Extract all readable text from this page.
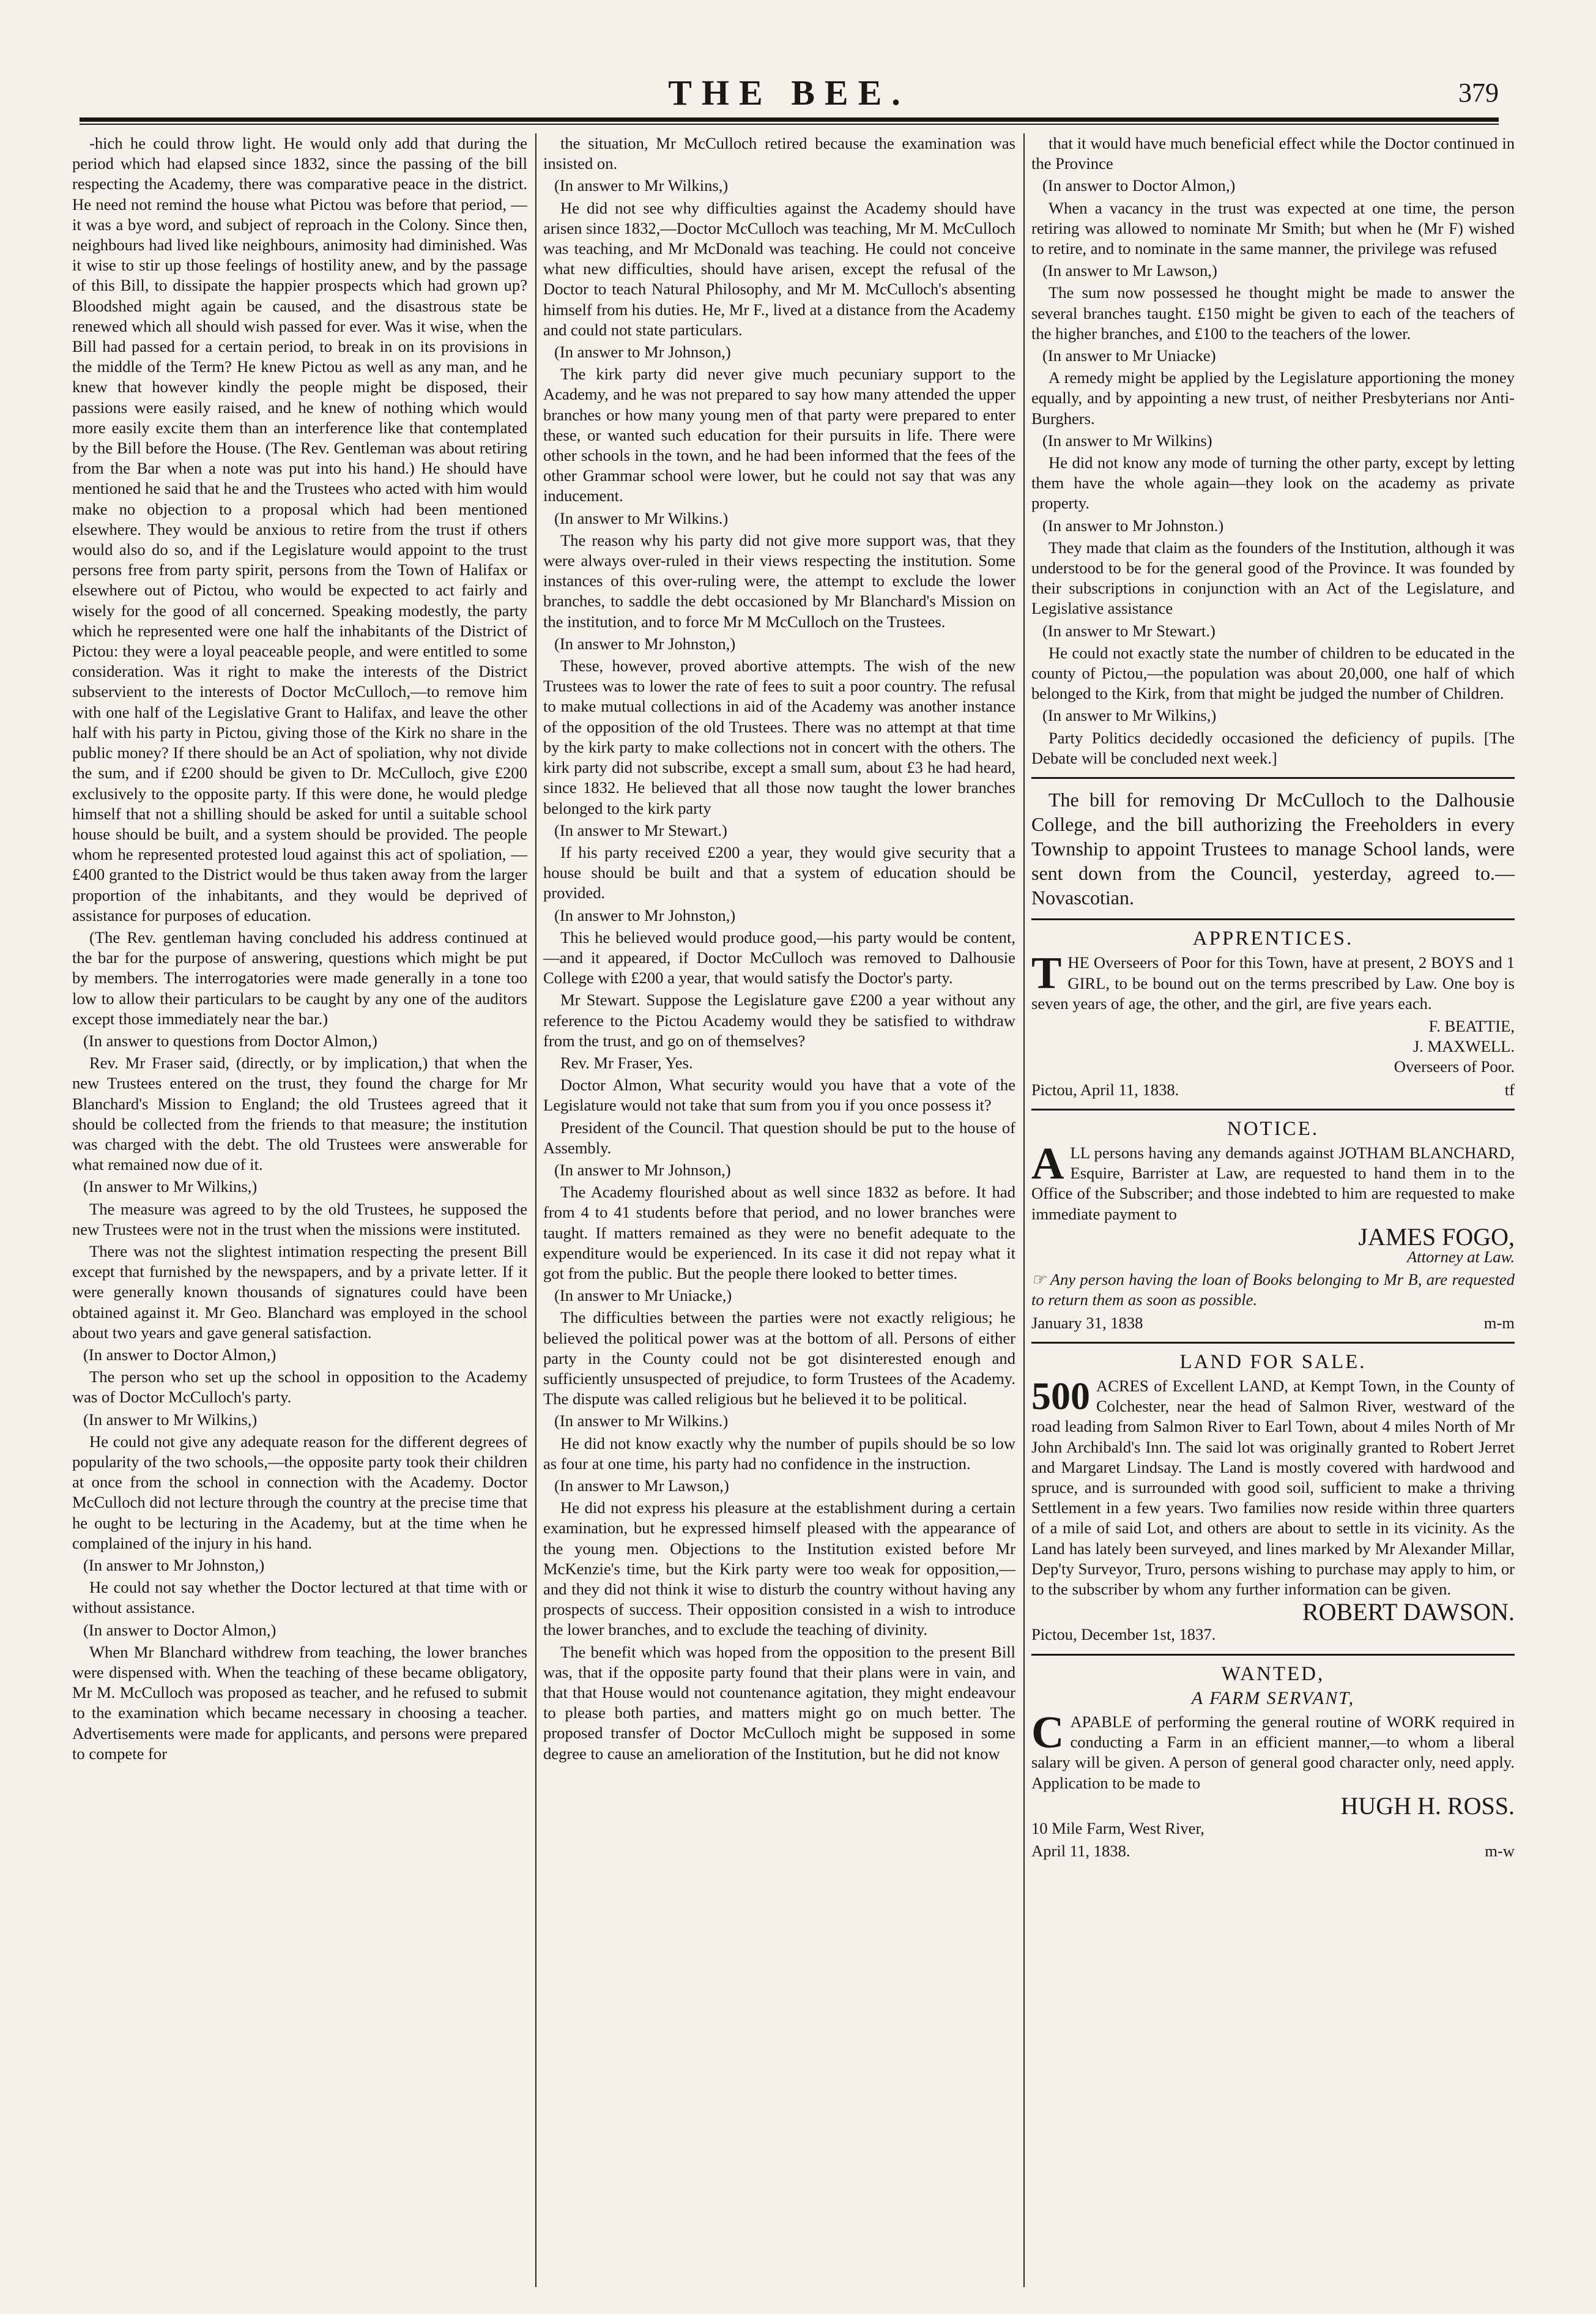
THE BEE.	379

-hich he could throw light. He would only add that during the period which had elapsed since 1832, since the passing of the bill respecting the Academy, there was comparative peace in the district. He need not remind the house what Pictou was before that period, —it was a bye word, and subject of reproach in the Colony. Since then, neighbours had lived like neighbours, animosity had diminished. Was it wise to stir up those feelings of hostility anew, and by the passage of this Bill, to dissipate the happier prospects which had grown up? Bloodshed might again be caused, and the disastrous state be renewed which all should wish passed for ever. Was it wise, when the Bill had passed for a certain period, to break in on its provisions in the middle of the Term? He knew Pictou as well as any man, and he knew that however kindly the people might be disposed, their passions were easily raised, and he knew of nothing which would more easily excite them than an interference like that contemplated by the Bill before the House. (The Rev. Gentleman was about retiring from the Bar when a note was put into his hand.) He should have mentioned he said that he and the Trustees who acted with him would make no objection to a proposal which had been mentioned elsewhere. They would be anxious to retire from the trust if others would also do so, and if the Legislature would appoint to the trust persons free from party spirit, persons from the Town of Halifax or elsewhere out of Pictou, who would be expected to act fairly and wisely for the good of all concerned. Speaking modestly, the party which he represented were one half the inhabitants of the District of Pictou: they were a loyal peaceable people, and were entitled to some consideration. Was it right to make the interests of the District subservient to the interests of Doctor McCulloch,—to remove him with one half of the Legislative Grant to Halifax, and leave the other half with his party in Pictou, giving those of the Kirk no share in the public money? If there should be an Act of spoliation, why not divide the sum, and if £200 should be given to Dr. McCulloch, give £200 exclusively to the opposite party. If this were done, he would pledge himself that not a shilling should be asked for until a suitable school house should be built, and a system should be provided. The people whom he represented protested loud against this act of spoliation, —£400 granted to the District would be thus taken away from the larger proportion of the inhabitants, and they would be deprived of assistance for purposes of education.

(The Rev. gentleman having concluded his address continued at the bar for the purpose of answering, questions which might be put by members. The interrogatories were made generally in a tone too low to allow their particulars to be caught by any one of the auditors except those immediately near the bar.)

(In answer to questions from Doctor Almon,)

Rev. Mr Fraser said, (directly, or by implication,) that when the new Trustees entered on the trust, they found the charge for Mr Blanchard's Mission to England; the old Trustees agreed that it should be collected from the friends to that measure; the institution was charged with the debt. The old Trustees were answerable for what remained now due of it.

(In answer to Mr Wilkins,)

The measure was agreed to by the old Trustees, he supposed the new Trustees were not in the trust when the missions were instituted.

There was not the slightest intimation respecting the present Bill except that furnished by the newspapers, and by a private letter. If it were generally known thousands of signatures could have been obtained against it. Mr Geo. Blanchard was employed in the school about two years and gave general satisfaction.

(In answer to Doctor Almon,)

The person who set up the school in opposition to the Academy was of Doctor McCulloch's party.

(In answer to Mr Wilkins,)

He could not give any adequate reason for the different degrees of popularity of the two schools,—the opposite party took their children at once from the school in connection with the Academy. Doctor McCulloch did not lecture through the country at the precise time that he ought to be lecturing in the Academy, but at the time when he complained of the injury in his hand.

(In answer to Mr Johnston,)

He could not say whether the Doctor lectured at that time with or without assistance.

(In answer to Doctor Almon,)

When Mr Blanchard withdrew from teaching, the lower branches were dispensed with. When the teaching of these became obligatory, Mr M. McCulloch was proposed as teacher, and he refused to submit to the examination which became necessary in choosing a teacher. Advertisements were made for applicants, and persons were prepared to compete for

the situation, Mr McCulloch retired because the examination was insisted on.

(In answer to Mr Wilkins,)

He did not see why difficulties against the Academy should have arisen since 1832,—Doctor McCulloch was teaching, Mr M. McCulloch was teaching, and Mr McDonald was teaching. He could not conceive what new difficulties, should have arisen, except the refusal of the Doctor to teach Natural Philosophy, and Mr M. McCulloch's absenting himself from his duties. He, Mr F., lived at a distance from the Academy and could not state particulars.

(In answer to Mr Johnson,)

The kirk party did never give much pecuniary support to the Academy, and he was not prepared to say how many attended the upper branches or how many young men of that party were prepared to enter these, or wanted such education for their pursuits in life. There were other schools in the town, and he had been informed that the fees of the other Grammar school were lower, but he could not say that was any inducement.

(In answer to Mr Wilkins.)

The reason why his party did not give more support was, that they were always over-ruled in their views respecting the institution. Some instances of this over-ruling were, the attempt to exclude the lower branches, to saddle the debt occasioned by Mr Blanchard's Mission on the institution, and to force Mr M McCulloch on the Trustees.

(In answer to Mr Johnston,)

These, however, proved abortive attempts. The wish of the new Trustees was to lower the rate of fees to suit a poor country. The refusal to make mutual collections in aid of the Academy was another instance of the opposition of the old Trustees. There was no attempt at that time by the kirk party to make collections not in concert with the others. The kirk party did not subscribe, except a small sum, about £3 he had heard, since 1832. He believed that all those now taught the lower branches belonged to the kirk party

(In answer to Mr Stewart.)

If his party received £200 a year, they would give security that a house should be built and that a system of education should be provided.

(In answer to Mr Johnston,)

This he believed would produce good,—his party would be content,—and it appeared, if Doctor McCulloch was removed to Dalhousie College with £200 a year, that would satisfy the Doctor's party.

Mr Stewart. Suppose the Legislature gave £200 a year without any reference to the Pictou Academy would they be satisfied to withdraw from the trust, and go on of themselves?

Rev. Mr Fraser, Yes.

Doctor Almon, What security would you have that a vote of the Legislature would not take that sum from you if you once possess it?

President of the Council. That question should be put to the house of Assembly.

(In answer to Mr Johnson,)

The Academy flourished about as well since 1832 as before. It had from 4 to 41 students before that period, and no lower branches were taught. If matters remained as they were no benefit adequate to the expenditure would be experienced. In its case it did not repay what it got from the public. But the people there looked to better times.

(In answer to Mr Uniacke,)

The difficulties between the parties were not exactly religious; he believed the political power was at the bottom of all. Persons of either party in the County could not be got disinterested enough and sufficiently unsuspected of prejudice, to form Trustees of the Academy. The dispute was called religious but he believed it to be political.

(In answer to Mr Wilkins.)

He did not know exactly why the number of pupils should be so low as four at one time, his party had no confidence in the instruction.

(In answer to Mr Lawson,)

He did not express his pleasure at the establishment during a certain examination, but he expressed himself pleased with the appearance of the young men. Objections to the Institution existed before Mr McKenzie's time, but the Kirk party were too weak for opposition,—and they did not think it wise to disturb the country without having any prospects of success. Their opposition consisted in a wish to introduce the lower branches, and to exclude the teaching of divinity.

The benefit which was hoped from the opposition to the present Bill was, that if the opposite party found that their plans were in vain, and that that House would not countenance agitation, they might endeavour to please both parties, and matters might go on much better. The proposed transfer of Doctor McCulloch might be supposed in some degree to cause an amelioration of the Institution, but he did not know

that it would have much beneficial effect while the Doctor continued in the Province

(In answer to Doctor Almon,)

When a vacancy in the trust was expected at one time, the person retiring was allowed to nominate Mr Smith; but when he (Mr F) wished to retire, and to nominate in the same manner, the privilege was refused

(In answer to Mr Lawson,)

The sum now possessed he thought might be made to answer the several branches taught. £150 might be given to each of the teachers of the higher branches, and £100 to the teachers of the lower.

(In answer to Mr Uniacke)

A remedy might be applied by the Legislature apportioning the money equally, and by appointing a new trust, of neither Presbyterians nor Anti-Burghers.

(In answer to Mr Wilkins)

He did not know any mode of turning the other party, except by letting them have the whole again—they look on the academy as private property.

(In answer to Mr Johnston.)

They made that claim as the founders of the Institution, although it was understood to be for the general good of the Province. It was founded by their subscriptions in conjunction with an Act of the Legislature, and Legislative assistance

(In answer to Mr Stewart.)

He could not exactly state the number of children to be educated in the county of Pictou,—the population was about 20,000, one half of which belonged to the Kirk, from that might be judged the number of Children.

(In answer to Mr Wilkins,)

Party Politics decidedly occasioned the deficiency of pupils. [The Debate will be concluded next week.]

The bill for removing Dr McCulloch to the Dalhousie College, and the bill authorizing the Freeholders in every Township to appoint Trustees to manage School lands, were sent down from the Council, yesterday, agreed to.—Novascotian.

APPRENTICES.

THE Overseers of Poor for this Town, have at present, 2 BOYS and 1 GIRL, to be bound out on the terms prescribed by Law. One boy is seven years of age, the other, and the girl, are five years each.

F. BEATTIE,
J. MAXWELL.
Overseers of Poor.
Pictou, April 11, 1838.	tf
NOTICE.

ALL persons having any demands against JOTHAM BLANCHARD, Esquire, Barrister at Law, are requested to hand them in to the Office of the Subscriber; and those indebted to him are requested to make immediate payment to

JAMES FOGO,
Attorney at Law.

☞ Any person having the loan of Books belonging to Mr B, are requested to return them as soon as possible.

January 31, 1838	m-m
LAND FOR SALE.

500 ACRES of Excellent LAND, at Kempt Town, in the County of Colchester, near the head of Salmon River, westward of the road leading from Salmon River to Earl Town, about 4 miles North of Mr John Archibald's Inn. The said lot was originally granted to Robert Jerret and Margaret Lindsay. The Land is mostly covered with hardwood and spruce, and is surrounded with good soil, sufficient to make a thriving Settlement in a few years. Two families now reside within three quarters of a mile of said Lot, and others are about to settle in its vicinity. As the Land has lately been surveyed, and lines marked by Mr Alexander Millar, Dep'ty Surveyor, Truro, persons wishing to purchase may apply to him, or to the subscriber by whom any further information can be given.

ROBERT DAWSON.
Pictou, December 1st, 1837.
WANTED,
A FARM SERVANT,

CAPABLE of performing the general routine of WORK required in conducting a Farm in an efficient manner,—to whom a liberal salary will be given. A person of general good character only, need apply. Application to be made to

HUGH H. ROSS.
10 Mile Farm, West River,
April 11, 1838.	m-w
